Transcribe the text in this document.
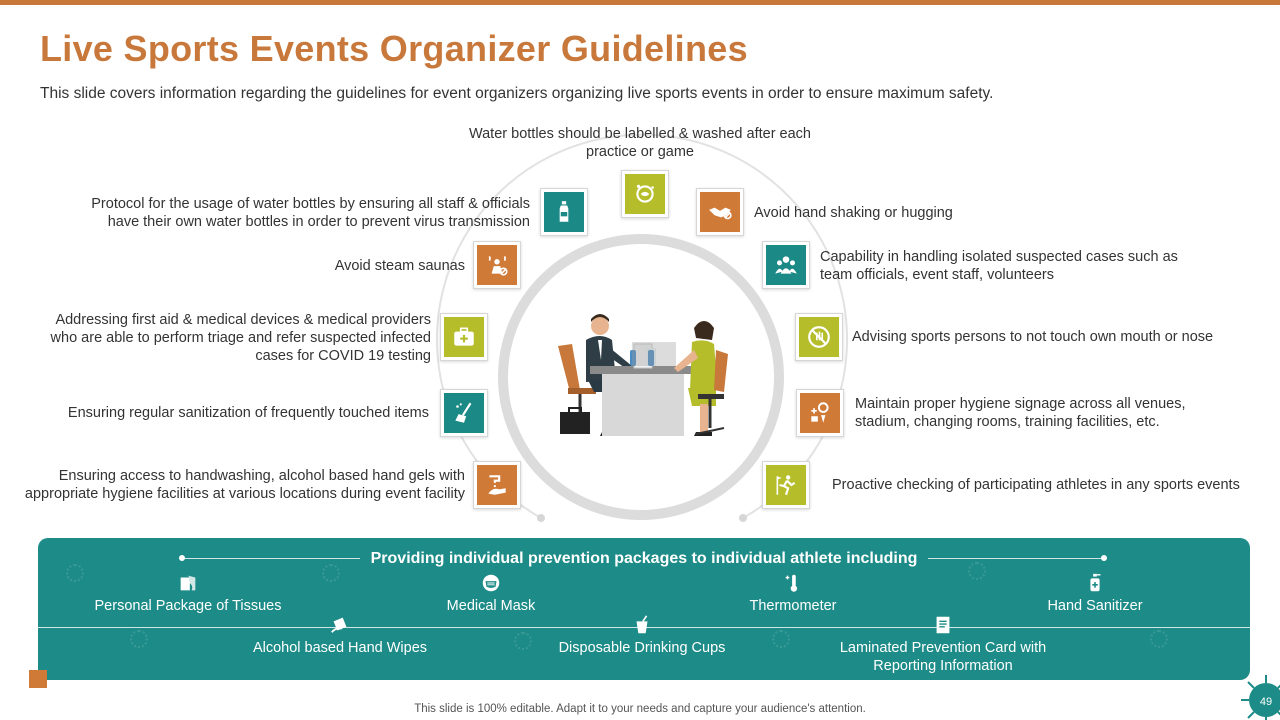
Live Sports Events Organizer Guidelines

This slide covers information regarding the guidelines for event organizers organizing live sports events in order to ensure maximum safety.

Water bottles should be labelled & washed after each practice or game
Protocol for the usage of water bottles by ensuring all staff & officials have their own water bottles in order to prevent virus transmission
Avoid steam saunas
Addressing first aid & medical devices & medical providers who are able to perform triage and refer suspected infected cases for COVID 19 testing
Ensuring regular sanitization of frequently touched items
Ensuring access to handwashing, alcohol based hand gels with appropriate hygiene facilities at various locations during event facility
Avoid hand shaking or hugging
Capability in handling isolated suspected cases such as team officials, event staff, volunteers
Advising sports persons to not touch own mouth or nose
Maintain proper hygiene signage across all venues, stadium, changing rooms, training facilities, etc.
Proactive checking of participating athletes in any sports events
Providing individual prevention packages to individual athlete including
Personal Package of Tissues	Medical Mask	Thermometer	Hand Sanitizer
Alcohol based Hand Wipes	Disposable Drinking Cups	Laminated Prevention Card with Reporting Information
This slide is 100% editable. Adapt it to your needs and capture your audience's attention.
49
